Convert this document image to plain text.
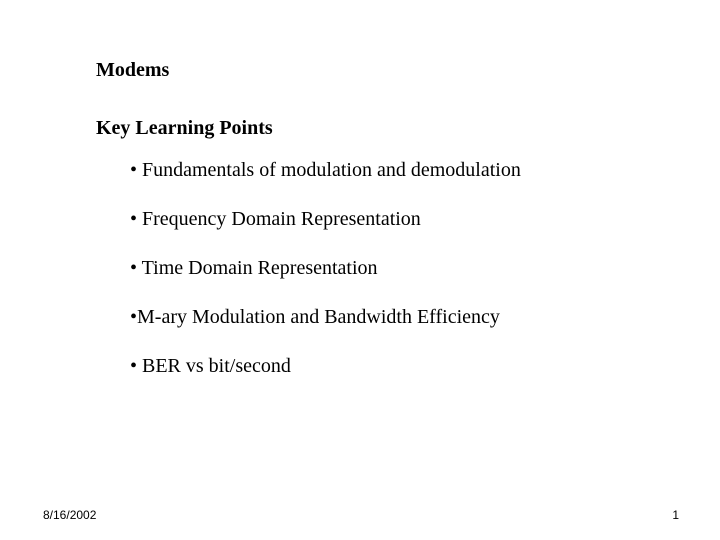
Modems
Key Learning Points
• Fundamentals of modulation and demodulation
• Frequency Domain Representation
• Time Domain Representation
•M-ary Modulation and Bandwidth Efficiency
• BER vs bit/second
8/16/2002	1
